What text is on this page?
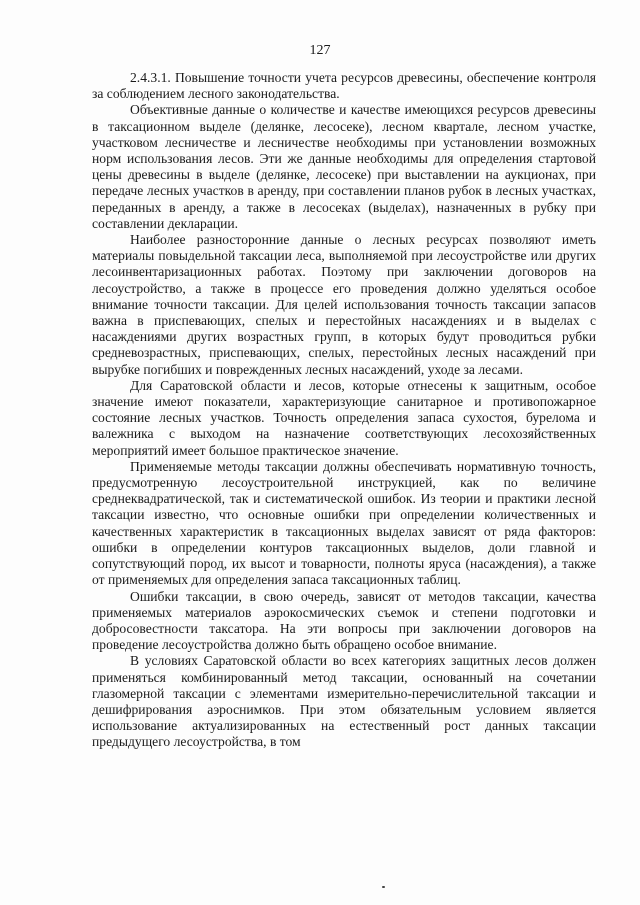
127

2.4.3.1. Повышение точности учета ресурсов древесины, обеспечение контроля за соблюдением лесного законодательства.

Объективные данные о количестве и качестве имеющихся ресурсов древесины в таксационном выделе (делянке, лесосеке), лесном квартале, лесном участке, участковом лесничестве и лесничестве необходимы при установлении возможных норм использования лесов. Эти же данные необходимы для определения стартовой цены древесины в выделе (делянке, лесосеке) при выставлении на аукционах, при передаче лесных участков в аренду, при составлении планов рубок в лесных участках, переданных в аренду, а также в лесосеках (выделах), назначенных в рубку при составлении декларации.

Наиболее разносторонние данные о лесных ресурсах позволяют иметь материалы повыдельной таксации леса, выполняемой при лесоустройстве или других лесоинвентаризационных работах. Поэтому при заключении договоров на лесоустройство, а также в процессе его проведения должно уделяться особое внимание точности таксации. Для целей использования точность таксации запасов важна в приспевающих, спелых и перестойных насаждениях и в выделах с насаждениями других возрастных групп, в которых будут проводиться рубки средневозрастных, приспевающих, спелых, перестойных лесных насаждений при вырубке погибших и поврежденных лесных насаждений, уходе за лесами.

Для Саратовской области и лесов, которые отнесены к защитным, особое значение имеют показатели, характеризующие санитарное и противопожарное состояние лесных участков. Точность определения запаса сухостоя, бурелома и валежника с выходом на назначение соответствующих лесохозяйственных мероприятий имеет большое практическое значение.

Применяемые методы таксации должны обеспечивать нормативную точность, предусмотренную лесоустроительной инструкцией, как по величине среднеквадратической, так и систематической ошибок. Из теории и практики лесной таксации известно, что основные ошибки при определении количественных и качественных характеристик в таксационных выделах зависят от ряда факторов: ошибки в определении контуров таксационных выделов, доли главной и сопутствующий пород, их высот и товарности, полноты яруса (насаждения), а также от применяемых для определения запаса таксационных таблиц.

Ошибки таксации, в свою очередь, зависят от методов таксации, качества применяемых материалов аэрокосмических съемок и степени подготовки и добросовестности таксатора. На эти вопросы при заключении договоров на проведение лесоустройства должно быть обращено особое внимание.

В условиях Саратовской области во всех категориях защитных лесов должен применяться комбинированный метод таксации, основанный на сочетании глазомерной таксации с элементами измерительно-перечислительной таксации и дешифрирования аэроснимков. При этом обязательным условием является использование актуализированных на естественный рост данных таксации предыдущего лесоустройства, в том
